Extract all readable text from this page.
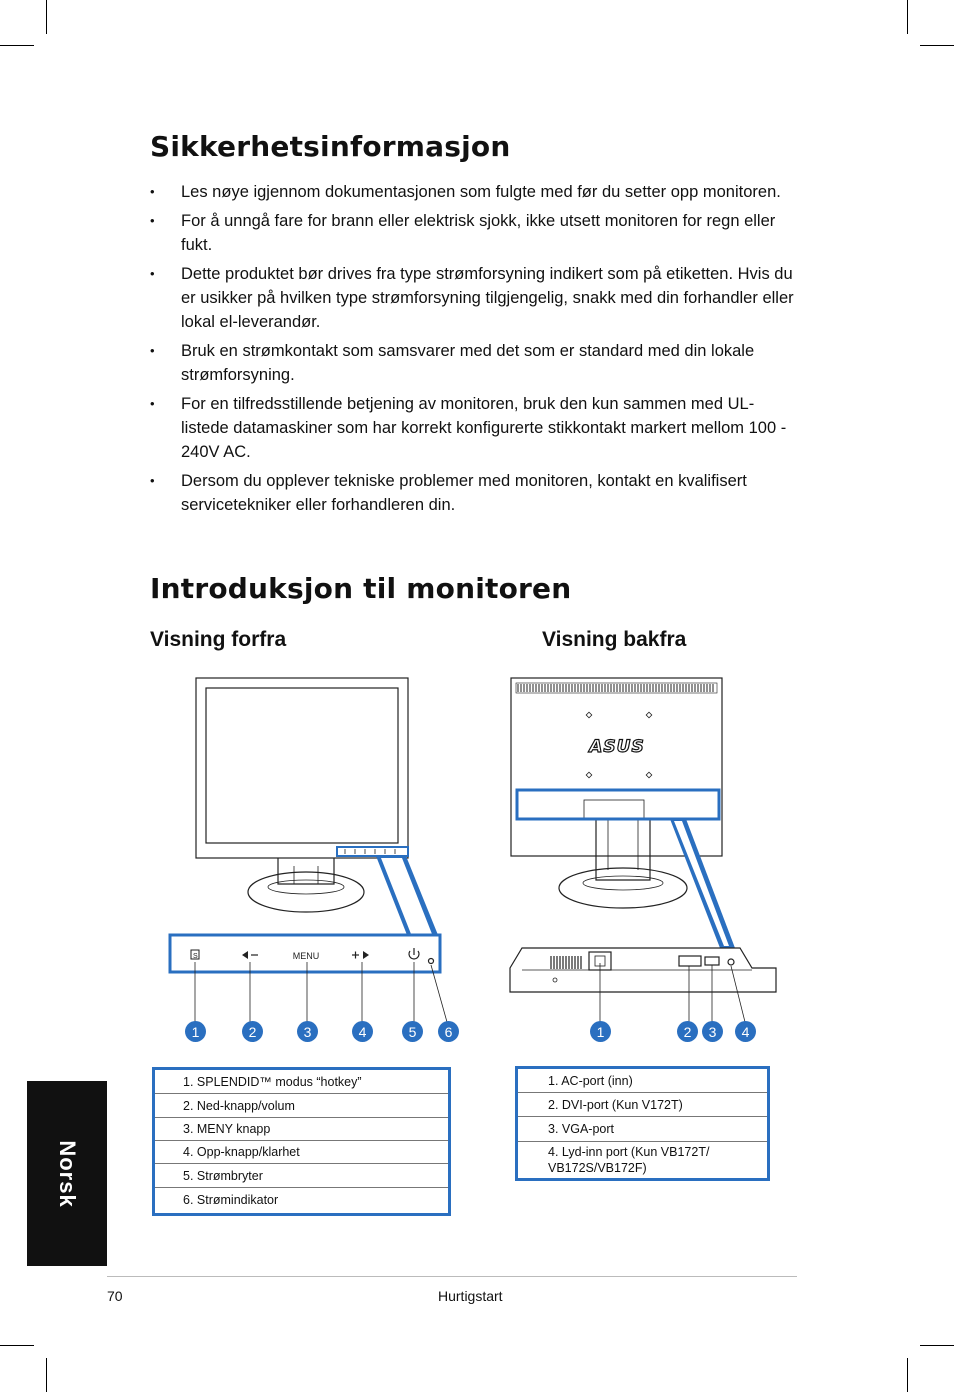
Sikkerhetsinformasjon
• Les nøye igjennom dokumentasjonen som fulgte med før du setter opp monitoren.
• For å unngå fare for brann eller elektrisk sjokk, ikke utsett monitoren for regn eller fukt.
• Dette produktet bør drives fra type strømforsyning indikert som på etiketten. Hvis du er usikker på hvilken type strømforsyning tilgjengelig, snakk med din forhandler eller lokal el-leverandør.
• Bruk en strømkontakt som samsvarer med det som er standard med din lokale strømforsyning.
• For en tilfredsstillende betjening av monitoren, bruk den kun sammen med UL-listede datamaskiner som har korrekt konfigurerte stikkontakt markert mellom 100 - 240V AC.
• Dersom du opplever tekniske problemer med monitoren, kontakt en kvalifisert servicetekniker eller forhandleren din.
Introduksjon til monitoren
Visning forfra	Visning bakfra
S	MENU
ASUS
1	2	3	4	5	6	1	2	3	4
1. SPLENDID™ modus “hotkey”
2. Ned-knapp/volum
3. MENY knapp
4. Opp-knapp/klarhet
5. Strømbryter
6. Strømindikator
1. AC-port (inn)
2. DVI-port (Kun V172T)
3. VGA-port
4. Lyd-inn port (Kun VB172T/ VB172S/VB172F)
Norsk
70	Hurtigstart
